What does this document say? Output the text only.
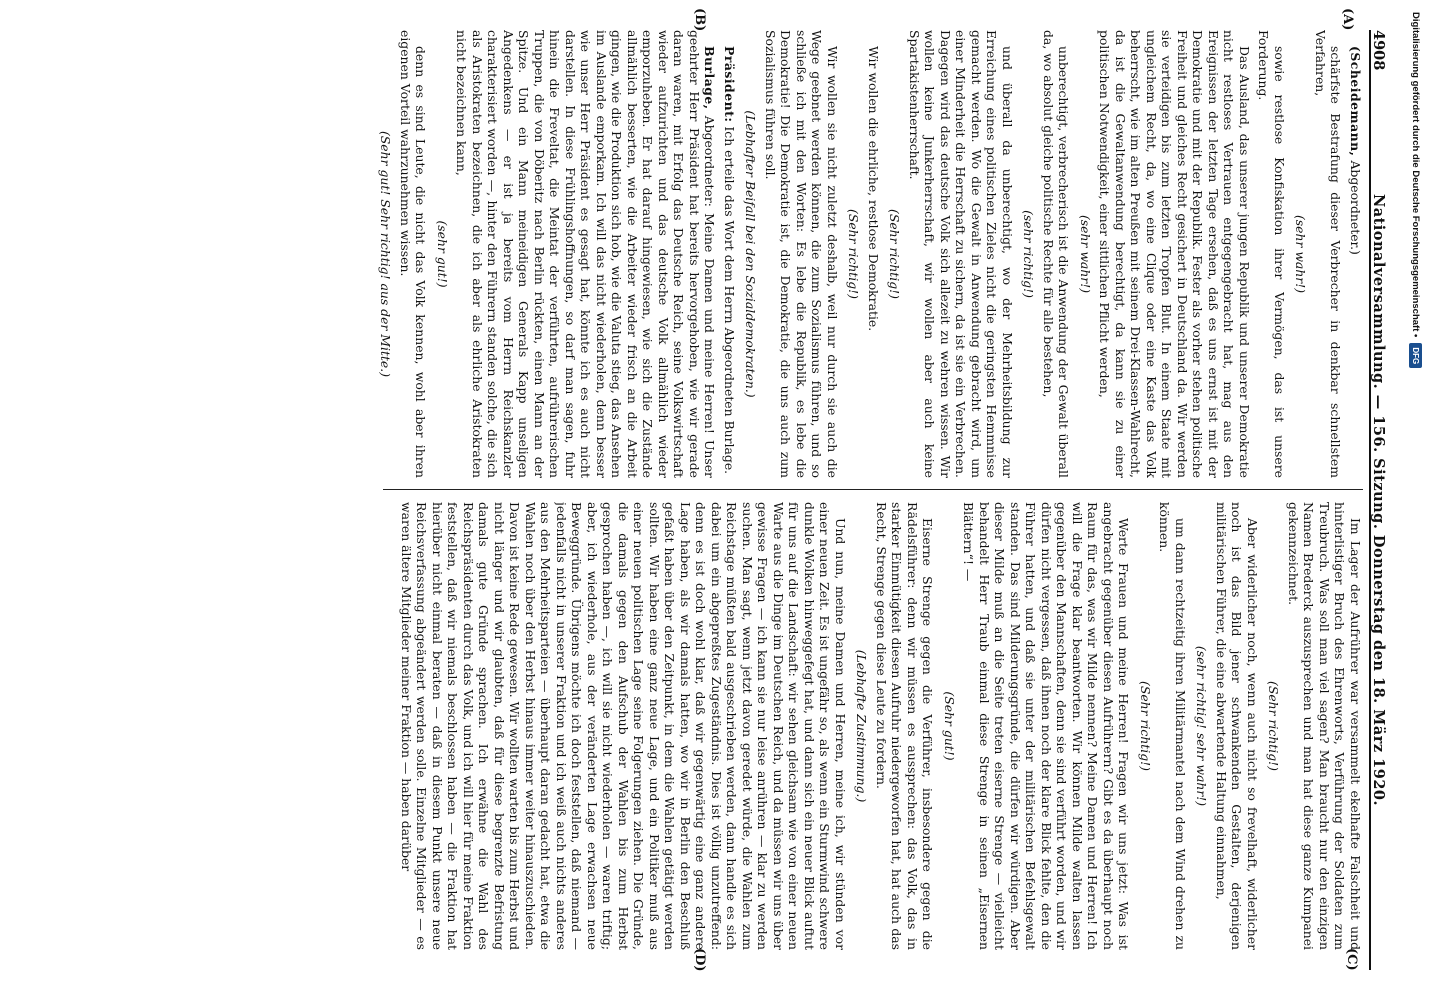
4908
Nationalversammlung. — 156. Sitzung. Donnerstag den 18. März 1920.
(A)
(B)
(C)
(D)

(Scheidemann, Abgeordneter.)

schärfste Bestrafung dieser Verbrecher in denkbar schnellstem Verfahren,

(sehr wahr!)

sowie restlose Konfiskation ihrer Vermögen, das ist unsere Forderung.

Das Ausland, das unserer jungen Republik und unserer Demokratie nicht restloses Vertrauen entgegengebracht hat, mag aus den Ereignissen der letzten Tage ersehen, daß es uns ernst ist mit der Demokratie und mit der Republik. Fester als vorher stehen politische Freiheit und gleiches Recht gesichert in Deutschland da. Wir werden sie verteidigen bis zum letzten Tropfen Blut. In einem Staate mit ungleichem Recht, da, wo eine Clique oder eine Kaste das Volk beherrscht, wie im alten Preußen mit seinem Drei-Klassen-Wahlrecht, da ist die Gewaltanwendung berechtigt, da kann sie zu einer politischen Notwendigkeit, einer sittlichen Pflicht werden,

(sehr wahr!)

unberechtigt, verbrecherisch ist die Anwendung der Gewalt überall da, wo absolut gleiche politische Rechte für alle bestehen,

(sehr richtig!)

und überall da unberechtigt, wo der Mehrheitsbildung zur Erreichung eines politischen Zieles nicht die geringsten Hemmnisse gemacht werden. Wo die Gewalt in Anwendung gebracht wird, um einer Minderheit die Herrschaft zu sichern, da ist sie ein Verbrechen. Dagegen wird das deutsche Volk sich allezeit zu wehren wissen. Wir wollen keine Junkerherrschaft, wir wollen aber auch keine Spartakistenherrschaft.

(Sehr richtig!)

Wir wollen die ehrliche, restlose Demokratie.

(Sehr richtig!)

Wir wollen sie nicht zuletzt deshalb, weil nur durch sie auch die Wege geebnet werden können, die zum Sozialismus führen, und so schließe ich mit den Worten: Es lebe die Republik, es lebe die Demokratie! Die Demokratie ist, die Demokratie, die uns auch zum Sozialismus führen soll.

(Lebhafter Beifall bei den Sozialdemokraten.)

Präsident: Ich erteile das Wort dem Herrn Abgeordneten Burlage.

Burlage, Abgeordneter: Meine Damen und meine Herren! Unser geehrter Herr Präsident hat bereits hervorgehoben, wie wir gerade daran waren, mit Erfolg das Deutsche Reich, seine Volkswirtschaft wieder aufzurichten und das deutsche Volk allmählich wieder emporzuheben. Er hat darauf hingewiesen, wie sich die Zustände allmählich besserten, wie die Arbeiter wieder frisch an die Arbeit gingen, wie die Produktion sich hob, wie die Valuta stieg, das Ansehen im Auslande emporkam. Ich will das nicht wiederholen, denn besser wie unser Herr Präsident es gesagt hat, könnte ich es auch nicht darstellen. In diese Frühlingshoffnungen, so darf man sagen, fuhr hinein die Freveltat, die Meintat der verführten, aufrührerischen Truppen, die von Döberitz nach Berlin rückten, einen Mann an der Spitze. Und ein Mann meineidigen Generals Kapp unseligen Angedenkens — er ist ja bereits vom Herrn Reichskanzler charakterisiert worden —, hinter den Führern standen solche, die sich als Aristokraten bezeichnen, die ich aber als ehrliche Aristokraten nicht bezeichnen kann,

(sehr gut!)

denn es sind Leute, die nicht das Volk kennen, wohl aber ihren eigenen Vorteil wahrzunehmen wissen.

(Sehr gut! Sehr richtig! aus der Mitte.)

Im Lager der Aufrührer war versammelt ekelhafte Falschheit und hinterlistiger Bruch des Ehrenworts, Verführung der Soldaten zum Treubruch. Was soll man viel sagen? Man braucht nur den einzigen Namen Brederck auszusprechen und man hat diese ganze Kumpanei gekennzeichnet.

(Sehr richtig!)

Aber widerlicher noch, wenn auch nicht so frevelhaft, widerlicher noch ist das Bild jener schwankenden Gestalten, derjenigen militärischen Führer, die eine abwartende Haltung einnahmen,

(sehr richtig! sehr wahr!)

um dann rechtzeitig ihren Militärmantel nach dem Wind drehen zu können.

(Sehr richtig!)

Werte Frauen und meine Herren! Fragen wir uns jetzt: Was ist angebracht gegenüber diesen Aufrührern? Gibt es da überhaupt noch Raum für das, was wir Milde nennen? Meine Damen und Herren! Ich will die Frage klar beantworten. Wir können Milde walten lassen gegenüber den Mannschaften, denn sie sind verführt worden, und wir dürfen nicht vergessen, daß ihnen noch der klare Blick fehlte, den die Führer hatten, und daß sie unter der militärischen Befehlsgewalt standen. Das sind Milderungsgründe, die dürfen wir würdigen. Aber dieser Milde muß an die Seite treten eiserne Strenge — vielleicht behandelt Herr Traub einmal diese Strenge in seinen „Eisernen Blättern“! —

(Sehr gut!)

Eiserne Strenge gegen die Verführer, insbesondere gegen die Rädelsführer: denn wir müssen es aussprechen: das Volk, das in starker Einmütigkeit diesen Aufruhr niedergeworfen hat, hat auch das Recht, Strenge gegen diese Leute zu fordern.

(Lebhafte Zustimmung.)

Und nun, meine Damen und Herren, meine ich, wir stünden vor einer neuen Zeit. Es ist ungefähr so, als wenn ein Sturmwind schwere dunkle Wolken hinweggefegt hat, und dann sich ein neuer Blick auftut für uns auf die Landschaft: wir sehen gleichsam wie von einer neuen Warte aus die Dinge im Deutschen Reich, und da müssen wir uns über gewisse Fragen — ich kann sie nur leise anrühren — klar zu werden suchen. Man sagt, wenn jetzt davon geredet würde, die Wahlen zum Reichstage müßten bald ausgeschrieben werden, dann handle es sich dabei um ein abgepreßtes Zugeständnis. Dies ist völlig unzutreffend: denn es ist doch wohl klar, daß wir gegenwärtig eine ganz andere Lage haben, als wir damals hatten, wo wir in Berlin den Beschluß gefaßt haben über den Zeitpunkt, in dem die Wahlen getätigt werden sollten. Wir haben eine ganz neue Lage, und ein Politiker muß aus einer neuen politischen Lage seine Folgerungen ziehen. Die Gründe, die damals gegen den Aufschub der Wahlen bis zum Herbst gesprochen haben —, ich will sie nicht wiederholen — waren triftig; aber, ich wiederhole, aus der veränderten Lage erwachsen neue Beweggründe. Übrigens möchte ich doch feststellen, daß niemand — jedenfalls nicht in unserer Fraktion und ich weiß auch nichts anderes aus den Mehrheitsparteien — überhaupt daran gedacht hat, etwa die Wahlen noch über den Herbst hinaus immer weiter hinauszuschieden. Davon ist keine Rede gewesen. Wir wollten warten bis zum Herbst und nicht länger und wir glaubten, daß für diese begrenzte Befristung damals gute Gründe sprachen. Ich erwähne die Wahl des Reichspräsidenten durch das Volk, und ich will hier für meine Fraktion feststellen, daß wir niemals beschlossen haben — die Fraktion hat hierüber nicht einmal beraten — daß in diesem Punkt unsere neue Reichsverfassung abgeändert werden solle. Einzelne Mitglieder — es waren ältere Mitglieder meiner Fraktion — haben darüber

Digitalisierung gefördert durch die Deutsche Forschungsgemeinschaft •
DFG
